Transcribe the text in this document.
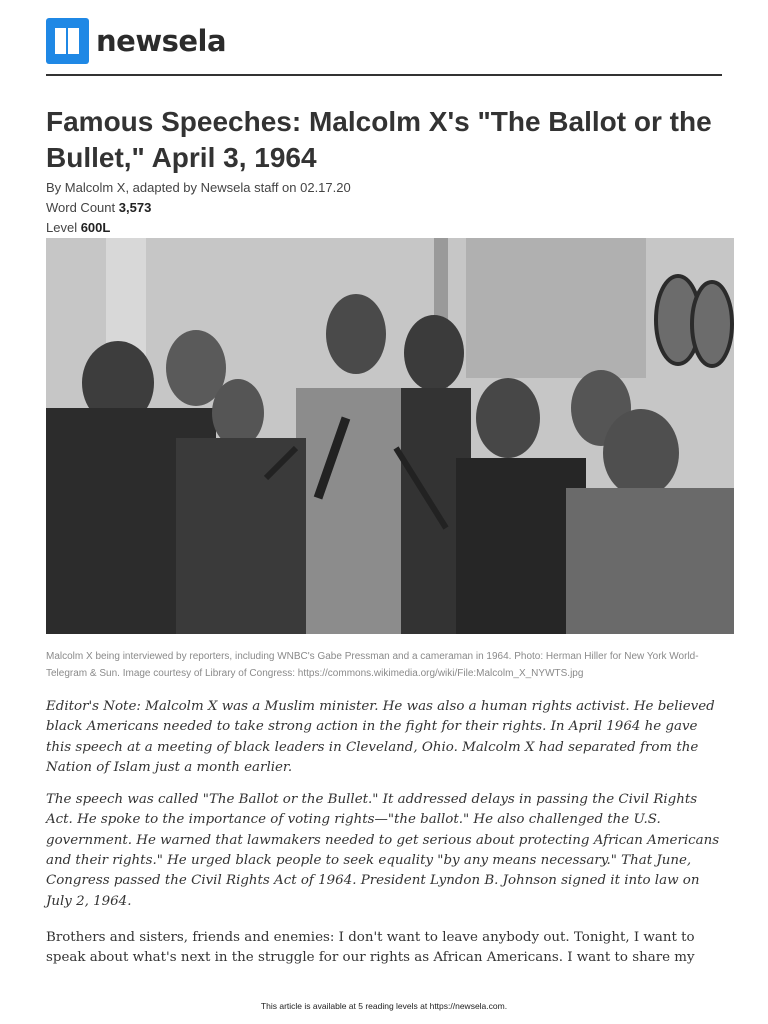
newsela
Famous Speeches: Malcolm X's "The Ballot or the Bullet," April 3, 1964
By Malcolm X, adapted by Newsela staff on 02.17.20
Word Count 3,573
Level 600L
Malcolm X being interviewed by reporters, including WNBC's Gabe Pressman and a cameraman in 1964. Photo: Herman Hiller for New York World-Telegram & Sun. Image courtesy of Library of Congress: https://commons.wikimedia.org/wiki/File:Malcolm_X_NYWTS.jpg

Editor's Note: Malcolm X was a Muslim minister. He was also a human rights activist. He believed black Americans needed to take strong action in the fight for their rights. In April 1964 he gave this speech at a meeting of black leaders in Cleveland, Ohio. Malcolm X had separated from the Nation of Islam just a month earlier.

The speech was called "The Ballot or the Bullet." It addressed delays in passing the Civil Rights Act. He spoke to the importance of voting rights—"the ballot." He also challenged the U.S. government. He warned that lawmakers needed to get serious about protecting African Americans and their rights." He urged black people to seek equality "by any means necessary." That June, Congress passed the Civil Rights Act of 1964. President Lyndon B. Johnson signed it into law on July 2, 1964.

Brothers and sisters, friends and enemies: I don't want to leave anybody out. Tonight, I want to speak about what's next in the struggle for our rights as African Americans. I want to share my

This article is available at 5 reading levels at https://newsela.com.
